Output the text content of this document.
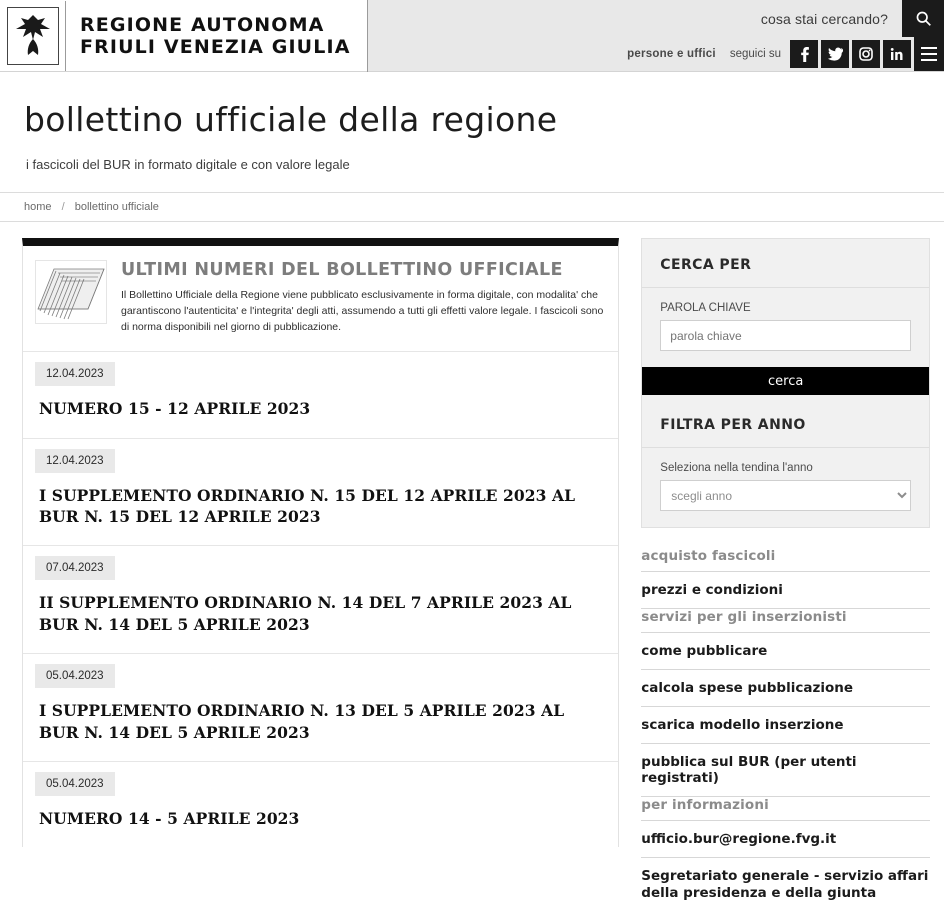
REGIONE AUTONOMA
FRIULI VENEZIA GIULIA
cosa stai cercando?
persone e uffici seguici su
bollettino ufficiale della regione
i fascicoli del BUR in formato digitale e con valore legale
home / bollettino ufficiale
ULTIMI NUMERI DEL BOLLETTINO UFFICIALE

Il Bollettino Ufficiale della Regione viene pubblicato esclusivamente in forma digitale, con modalita' che garantiscono l'autenticita' e l'integrita' degli atti, assumendo a tutti gli effetti valore legale. I fascicoli sono di norma disponibili nel giorno di pubblicazione.

12.04.2023
NUMERO 15 - 12 APRILE 2023
12.04.2023
I SUPPLEMENTO ORDINARIO N. 15 DEL 12 APRILE 2023 AL BUR N. 15 DEL 12 APRILE 2023
07.04.2023
II SUPPLEMENTO ORDINARIO N. 14 DEL 7 APRILE 2023 AL BUR N. 14 DEL 5 APRILE 2023
05.04.2023
I SUPPLEMENTO ORDINARIO N. 13 DEL 5 APRILE 2023 AL BUR N. 14 DEL 5 APRILE 2023
05.04.2023
NUMERO 14 - 5 APRILE 2023
CERCA PER
PAROLA CHIAVE
parola chiave
cerca
FILTRA PER ANNO
Seleziona nella tendina l'anno
scegli anno
acquisto fascicoli
prezzi e condizioni
servizi per gli inserzionisti
come pubblicare
calcola spese pubblicazione
scarica modello inserzione
pubblica sul BUR (per utenti registrati)
per informazioni
ufficio.bur@regione.fvg.it
Segretariato generale - servizio affari della presidenza e della giunta
